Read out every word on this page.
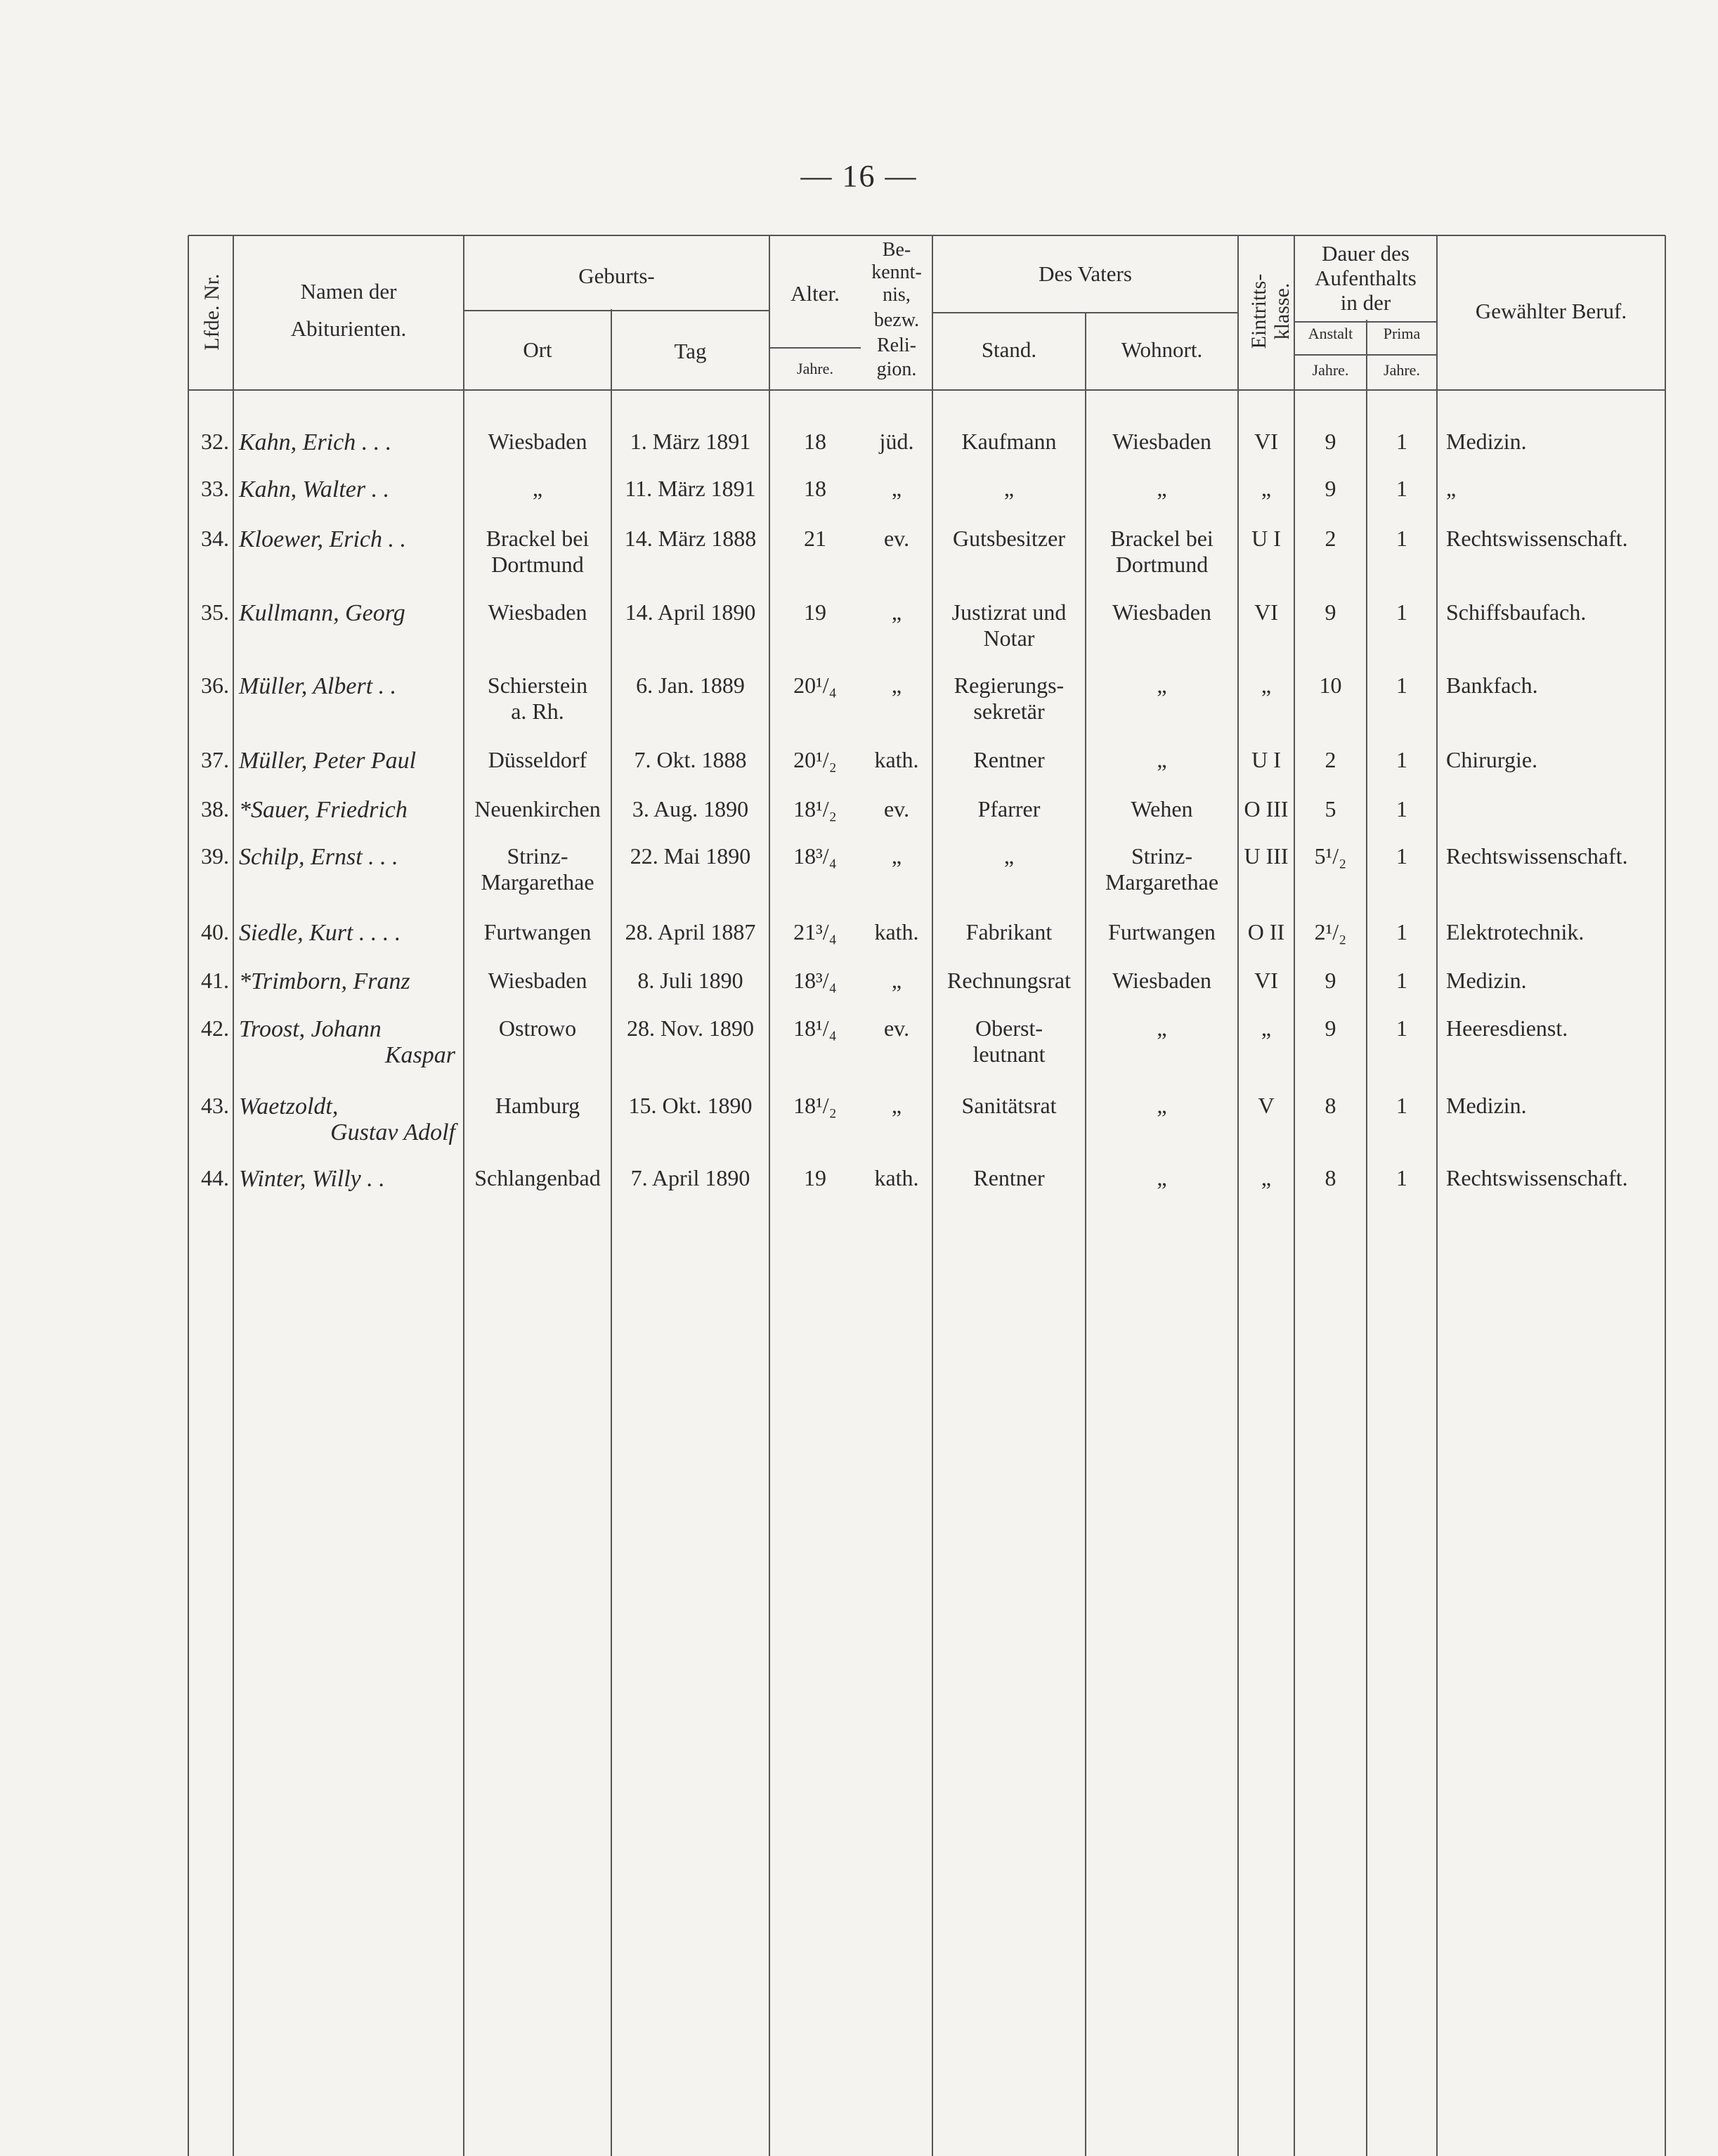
— 16 —
Lfde. Nr.	Namen der
Abiturienten.
Geburts-
Ort	Tag
Alter.
Jahre.
Be-
kennt-
nis,
bezw.
Reli-
gion.
Des Vaters
Stand.	Wohnort.
Eintritts- klasse.
Dauer des
Aufenthalts
in der
Anstalt	Prima
Jahre.	Jahre.
Gewählter Beruf.
32. Kahn, Erich . . .	Wiesbaden	1. März 1891	18	jüd.	Kaufmann	Wiesbaden	VI	9	1	Medizin.
33. Kahn, Walter . .	„	11. März 1891	18	„	„	„	„	9	1	„
34. Kloewer, Erich . .	Brackel bei
Dortmund
14. März 1888	21	ev.	Gutsbesitzer	Brackel bei
Dortmund
U I	2	1	Rechtswissenschaft.
35. Kullmann, Georg	Wiesbaden	14. April 1890	19	„	Justizrat und
Notar
Wiesbaden	VI	9	1	Schiffsbaufach.
36. Müller, Albert . .	Schierstein
a. Rh.
6. Jan. 1889	20¹/₄	„	Regierungs-
sekretär
„	„	10	1	Bankfach.
37. Müller, Peter Paul	Düsseldorf	7. Okt. 1888	20¹/₂	kath.	Rentner	„	U I	2	1	Chirurgie.
38. *Sauer, Friedrich	Neuenkirchen	3. Aug. 1890	18¹/₂	ev.	Pfarrer	Wehen	O III	5	1
39. Schilp, Ernst . . .	Strinz-
Margarethae
22. Mai 1890	18³/₄	„	„	Strinz-
Margarethae
U III	5¹/₂	1	Rechtswissenschaft.
40. Siedle, Kurt . . . .	Furtwangen	28. April 1887	21³/₄	kath.	Fabrikant	Furtwangen	O II	2¹/₂	1	Elektrotechnik.
41. *Trimborn, Franz	Wiesbaden	8. Juli 1890	18³/₄	„	Rechnungsrat	Wiesbaden	VI	9	1	Medizin.
42. Troost, Johann
Kaspar
Ostrowo	28. Nov. 1890	18¹/₄	ev.	Oberst-
leutnant
„	„	9	1	Heeresdienst.
43. Waetzoldt,
Gustav Adolf
Hamburg	15. Okt. 1890	18¹/₂	„	Sanitätsrat	„	V	8	1	Medizin.
44. Winter, Willy . .	Schlangenbad	7. April 1890	19	kath.	Rentner	„	„	8	1	Rechtswissenschaft.
